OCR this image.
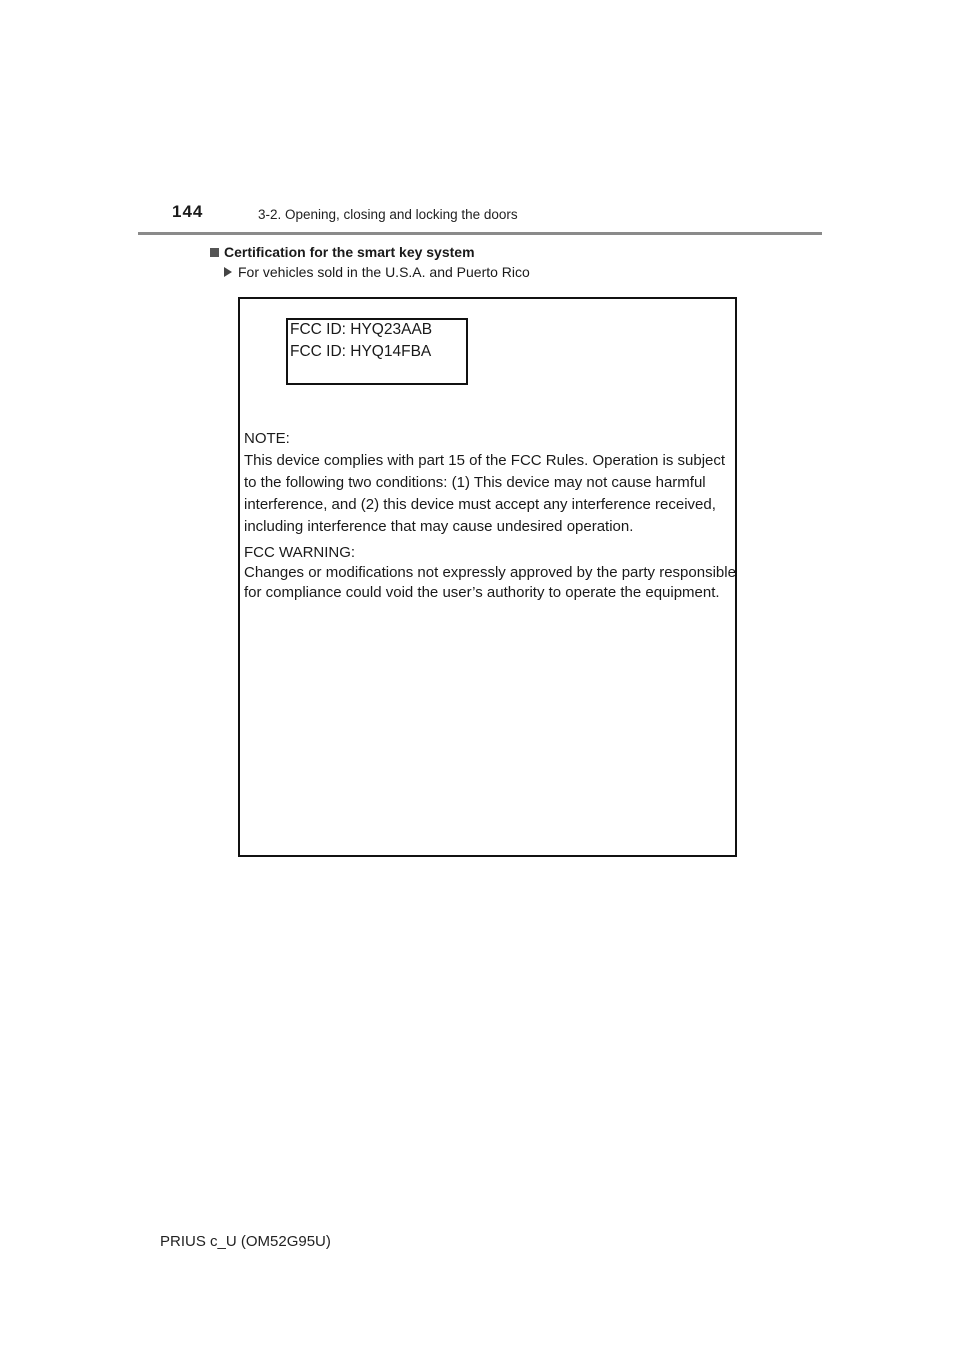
144	3-2. Opening, closing and locking the doors
Certification for the smart key system
For vehicles sold in the U.S.A. and Puerto Rico
FCC ID: HYQ23AAB
FCC ID: HYQ14FBA
NOTE:
This device complies with part 15 of the FCC Rules. Operation is subject to the following two conditions: (1) This device may not cause harmful interference, and (2) this device must accept any interference received, including interference that may cause undesired operation.
FCC WARNING:
Changes or modifications not expressly approved by the party responsible for compliance could void the user’s authority to operate the equipment.
PRIUS c_U (OM52G95U)
